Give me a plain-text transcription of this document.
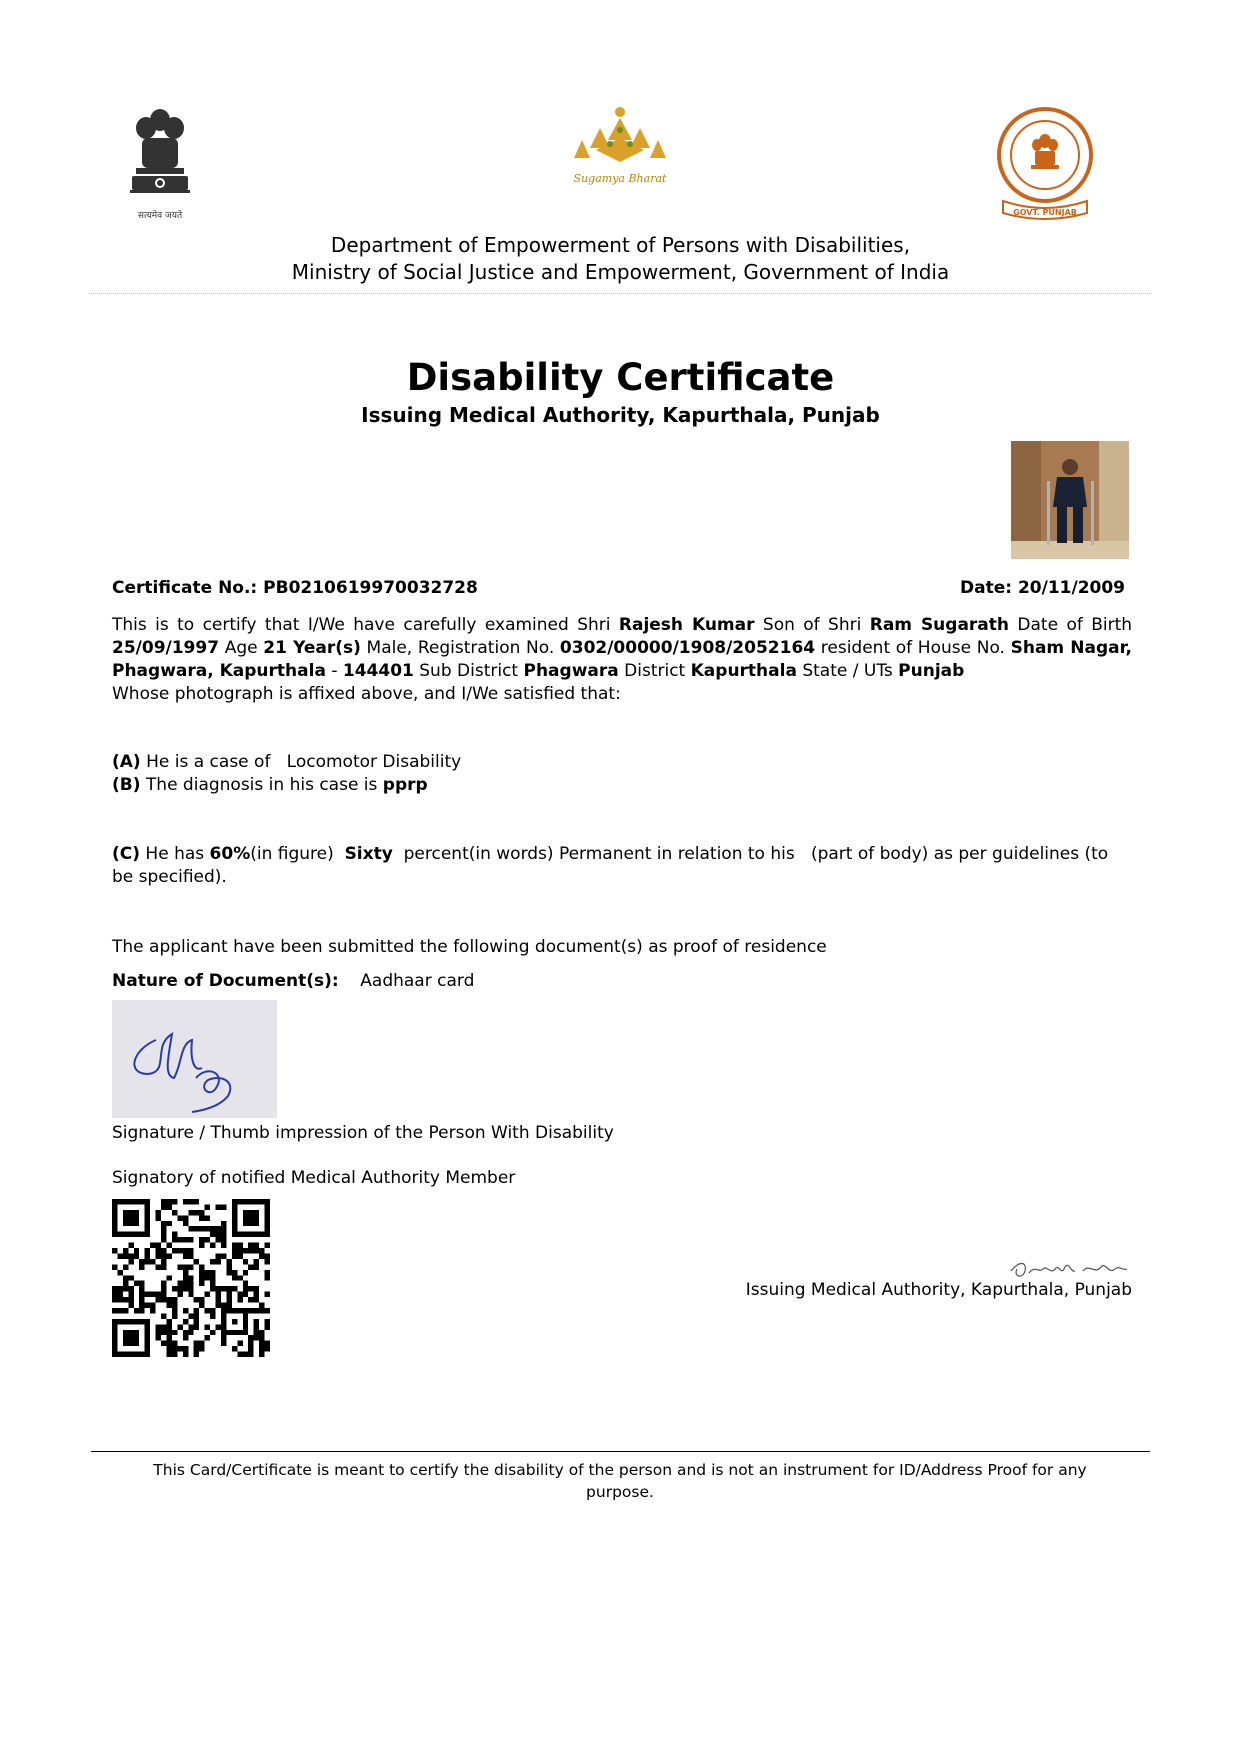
सत्यमेव जयते
Sugamya Bharat
GOVT. PUNJAB
Department of Empowerment of Persons with Disabilities,
Ministry of Social Justice and Empowerment, Government of India
Disability Certificate
Issuing Medical Authority, Kapurthala, Punjab
Certificate No.: PB0210619970032728	Date: 20/11/2009
This is to certify that I/We have carefully examined Shri Rajesh Kumar Son of Shri Ram Sugarath Date of Birth 25/09/1997 Age 21 Year(s) Male, Registration No. 0302/00000/1908/2052164 resident of House No. Sham Nagar, Phagwara, Kapurthala - 144401 Sub District Phagwara District Kapurthala State / UTs Punjab
Whose photograph is affixed above, and I/We satisfied that:
(A) He is a case of Locomotor Disability
(B) The diagnosis in his case is pprp
(C) He has 60%(in figure) Sixty percent(in words) Permanent in relation to his (part of body) as per guidelines (to be specified).
The applicant have been submitted the following document(s) as proof of residence
Nature of Document(s): Aadhaar card
Signature / Thumb impression of the Person With Disability
Signatory of notified Medical Authority Member
Issuing Medical Authority, Kapurthala, Punjab
This Card/Certificate is meant to certify the disability of the person and is not an instrument for ID/Address Proof for any purpose.
